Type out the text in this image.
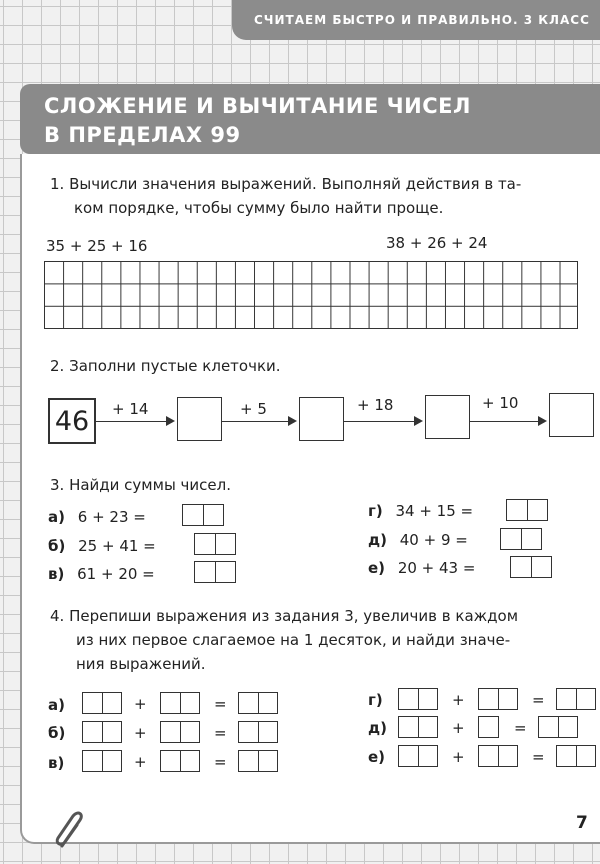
СЧИТАЕМ БЫСТРО И ПРАВИЛЬНО. 3 КЛАСС
СЛОЖЕНИЕ И ВЫЧИТАНИЕ ЧИСЕЛ
В ПРЕДЕЛАХ 99
1. Вычисли значения выражений. Выполняй действия в та-
ком порядке, чтобы сумму было найти проще.
35 + 25 + 16	38 + 26 + 24
2. Заполни пустые клеточки.
46 + 14	+ 5	+ 18	+ 10
3. Найди суммы чисел.
а) 6 + 23 =
б) 25 + 41 =
в) 61 + 20 =
г) 34 + 15 =
д) 40 + 9 =
е) 20 + 43 =
4. Перепиши выражения из задания 3, увеличив в каждом
из них первое слагаемое на 1 десяток, и найди значе-
ния выражений.
а)	+	=
б)	+	=
в)	+	=
г)	+	=
д)	+	=
е)	+	=
7
